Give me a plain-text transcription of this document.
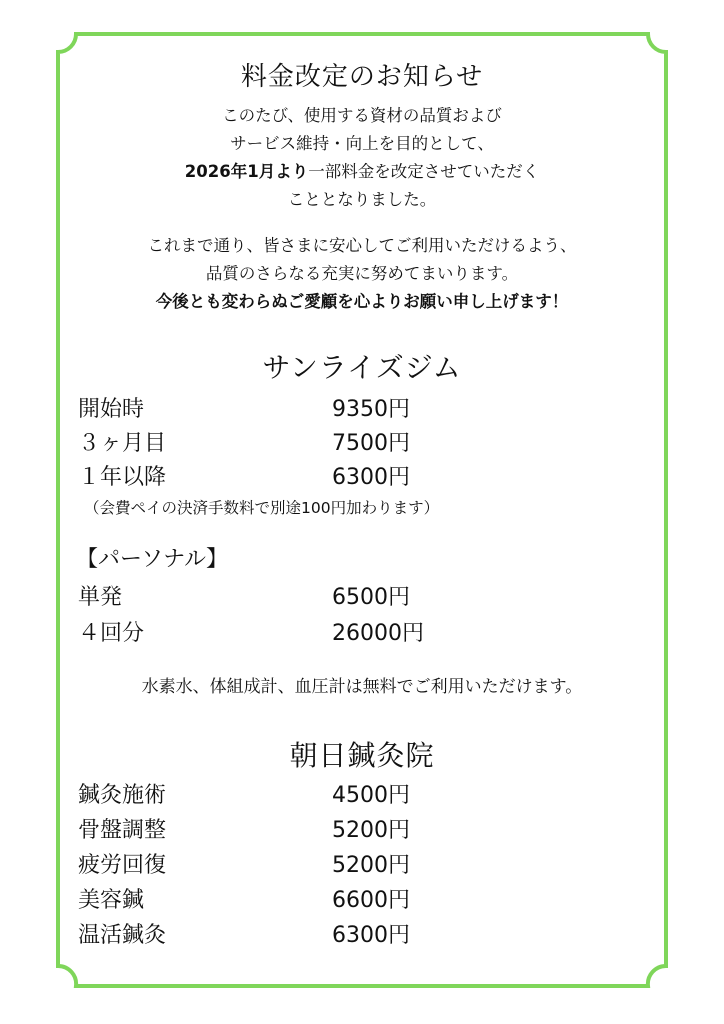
料金改定のお知らせ
このたび、使用する資材の品質および
サービス維持・向上を目的として、
2026年1月より一部料金を改定させていただく
こととなりました。
これまで通り、皆さまに安心してご利用いただけるよう、
品質のさらなる充実に努めてまいります。
今後とも変わらぬご愛顧を心よりお願い申し上げます！
サンライズジム
開始時	9350円
３ヶ月目	7500円
１年以降	6300円
（会費ペイの決済手数料で別途100円加わります）
【パーソナル】
単発	6500円
４回分	26000円
水素水、体組成計、血圧計は無料でご利用いただけます。
朝日鍼灸院
鍼灸施術	4500円
骨盤調整	5200円
疲労回復	5200円
美容鍼	6600円
温活鍼灸	6300円
